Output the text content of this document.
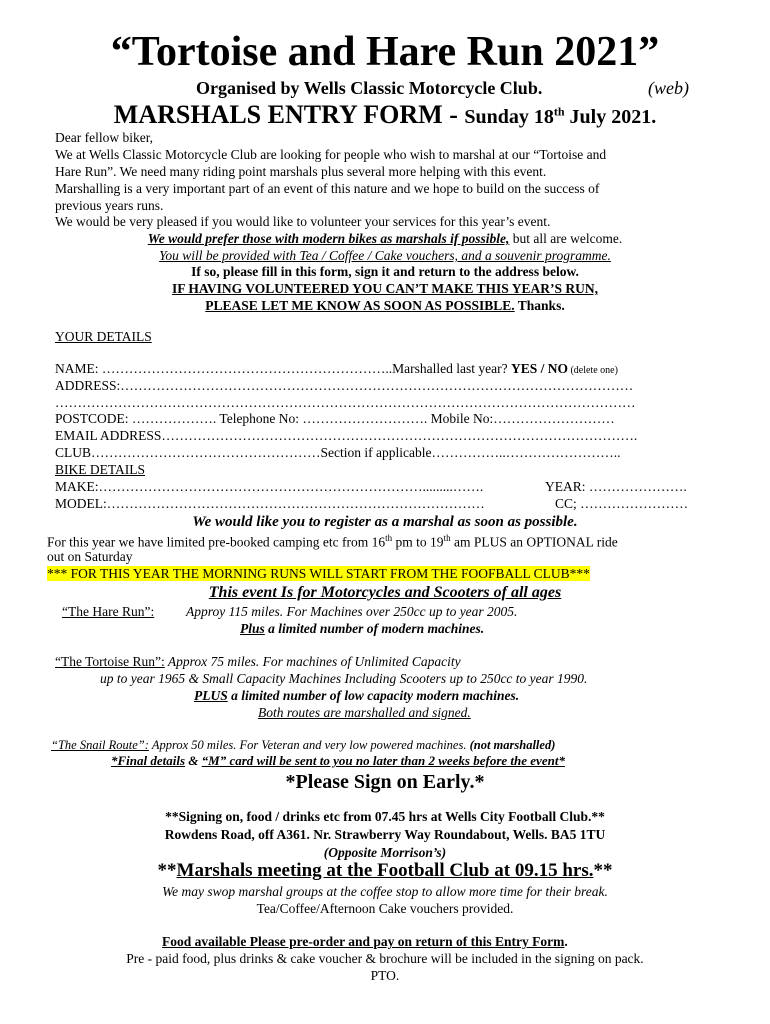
“Tortoise and Hare Run 2021”
Organised by Wells Classic Motorcycle Club.	(web)
MARSHALS ENTRY FORM - Sunday 18th July 2021.
Dear fellow biker,
We at Wells Classic Motorcycle Club are looking for people who wish to marshal at our “Tortoise and
Hare Run”. We need many riding point marshals plus several more helping with this event.
Marshalling is a very important part of an event of this nature and we hope to build on the success of
previous years runs.
We would be very pleased if you would like to volunteer your services for this year’s event.
We would prefer those with modern bikes as marshals if possible, but all are welcome.
You will be provided with Tea / Coffee / Cake vouchers, and a souvenir programme.
If so, please fill in this form, sign it and return to the address below.
IF HAVING VOLUNTEERED YOU CAN’T MAKE THIS YEAR’S RUN,
PLEASE LET ME KNOW AS SOON AS POSSIBLE. Thanks.
YOUR DETAILS
NAME: ………………………………………………………..Marshalled last year? YES / NO (delete one)
ADDRESS:……………………………………………………………………………………………………
…………………………………………………………………………………………………………………
POSTCODE: ………………. Telephone No: ………………………. Mobile No:………………………
EMAIL ADDRESS…………………………………………………………………………………………….
CLUB……………………………………………Section if applicable……………..……………………..
BIKE DETAILS
MAKE:……………………………………………………………….........…….	YEAR: ………………….
MODEL:…………………………………………………………………………	CC; ……………………
We would like you to register as a marshal as soon as possible.
For this year we have limited pre-booked camping etc from 16th pm to 19th am PLUS an OPTIONAL ride
out on Saturday
*** FOR THIS YEAR THE MORNING RUNS WILL START FROM THE FOOFBALL CLUB***
This event Is for Motorcycles and Scooters of all ages
“The Hare Run”: Approy 115 miles. For Machines over 250cc up to year 2005.
Plus a limited number of modern machines.
“The Tortoise Run”: Approx 75 miles. For machines of Unlimited Capacity
up to year 1965 & Small Capacity Machines Including Scooters up to 250cc to year 1990.
PLUS a limited number of low capacity modern machines.
Both routes are marshalled and signed.
“The Snail Route”: Approx 50 miles. For Veteran and very low powered machines. (not marshalled)
*Final details & “M” card will be sent to you no later than 2 weeks before the event*
*Please Sign on Early.*
**Signing on, food / drinks etc from 07.45 hrs at Wells City Football Club.**
Rowdens Road, off A361. Nr. Strawberry Way Roundabout, Wells. BA5 1TU
(Opposite Morrison’s)
**Marshals meeting at the Football Club at 09.15 hrs.**
We may swop marshal groups at the coffee stop to allow more time for their break.
Tea/Coffee/Afternoon Cake vouchers provided.
Food available Please pre-order and pay on return of this Entry Form.
Pre - paid food, plus drinks & cake voucher & brochure will be included in the signing on pack.
PTO.
